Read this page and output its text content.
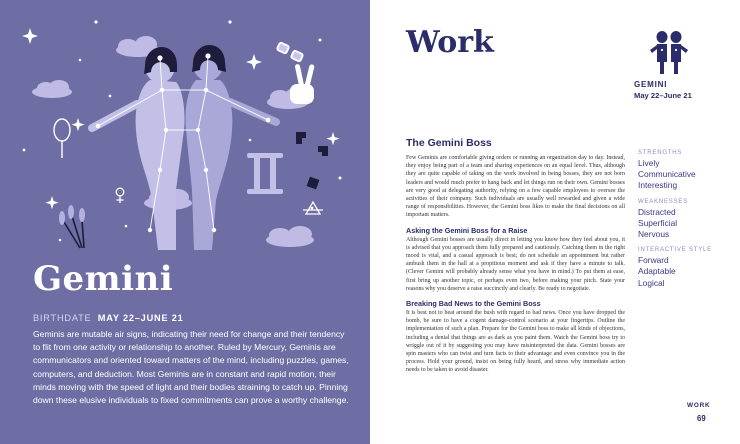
Gemini
BIRTHDATE MAY 22–JUNE 21

Geminis are mutable air signs, indicating their need for change and their tendency to flit from one activity or relationship to another. Ruled by Mercury, Geminis are communicators and oriented toward matters of the mind, including puzzles, games, computers, and deduction. Most Geminis are in constant and rapid motion, their minds moving with the speed of light and their bodies straining to catch up. Pinning down these elusive individuals to fixed commitments can prove a worthy challenge.

Work
GEMINI
May 22–June 21
The Gemini Boss

Few Geminis are comfortable giving orders or running an organization day to day. Instead, they enjoy being part of a team and sharing experiences on an equal level. Thus, although they are quite capable of taking on the work involved in being bosses, they are not born leaders and would much prefer to hang back and let things run on their own. Gemini bosses are very good at delegating authority, relying on a few capable employees to oversee the activities of their company. Such individuals are usually well rewarded and given a wide range of responsibilities. However, the Gemini boss likes to make the final decisions on all important matters.

Asking the Gemini Boss for a Raise

Although Gemini bosses are usually direct in letting you know how they feel about you, it is advised that you approach them fully prepared and cautiously. Catching them in the right mood is vital, and a casual approach is best; do not schedule an appointment but rather ambush them in the hall at a propitious moment and ask if they have a minute to talk. (Clever Gemini will probably already sense what you have in mind.) To put them at ease, first bring up another topic, or perhaps even two, before making your pitch. State your reasons why you deserve a raise succinctly and clearly. Be ready to negotiate.

Breaking Bad News to the Gemini Boss

It is best not to beat around the bush with regard to bad news. Once you have dropped the bomb, be sure to have a cogent damage-control scenario at your fingertips. Outline the implementation of such a plan. Prepare for the Gemini boss to make all kinds of objections, including a denial that things are as dark as you paint them. Watch the Gemini boss try to wriggle out of it by suggesting you may have misinterpreted the data. Gemini bosses are spin masters who can twist and turn facts to their advantage and even convince you in the process. Hold your ground, insist on being fully heard, and stress why immediate action needs to be taken to avoid disaster.

STRENGTHS
Lively
Communicative
Interesting
WEAKNESSES
Distracted
Superficial
Nervous
INTERACTIVE STYLE
Forward
Adaptable
Logical
WORK
69
